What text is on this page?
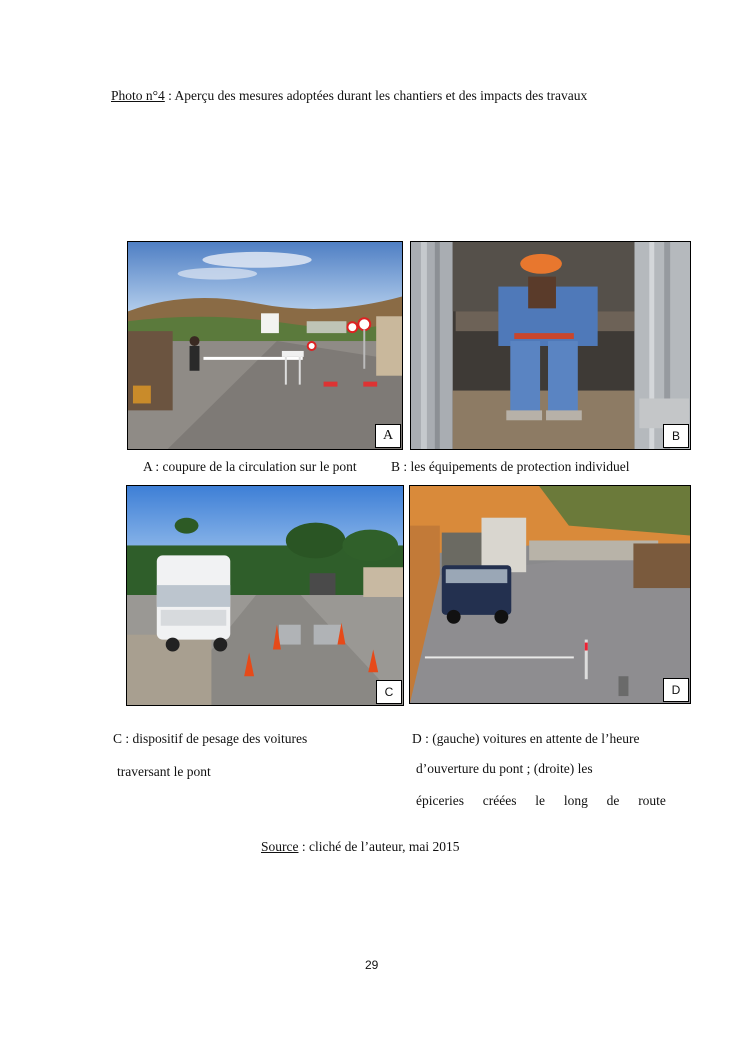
Photo n°4 : Aperçu des mesures adoptées durant les chantiers et des impacts des travaux
A	B
A : coupure de la circulation sur le pont	B : les équipements de protection individuel
C	D
C : dispositif de pesage des voitures
traversant le pont
D : (gauche) voitures en attente de l’heure
d’ouverture du pont ; (droite) les
épiceries créées le long de route
Source : cliché de l’auteur, mai 2015
29
